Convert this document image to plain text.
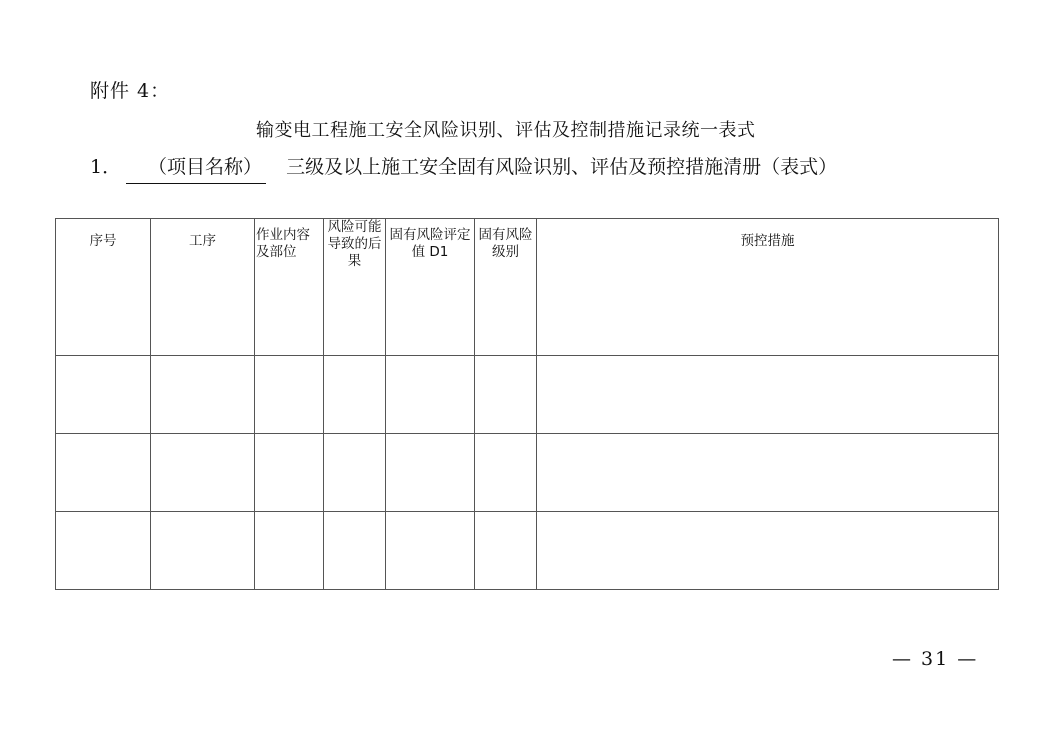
附件 4：
输变电工程施工安全风险识别、评估及控制措施记录统一表式
1． （项目名称） 三级及以上施工安全固有风险识别、评估及预控措施清册（表式）
序号	工序	作业内容及部位	风险可能导致的后果	固有风险评定值 D1	固有风险级别	预控措施

— 31 —
